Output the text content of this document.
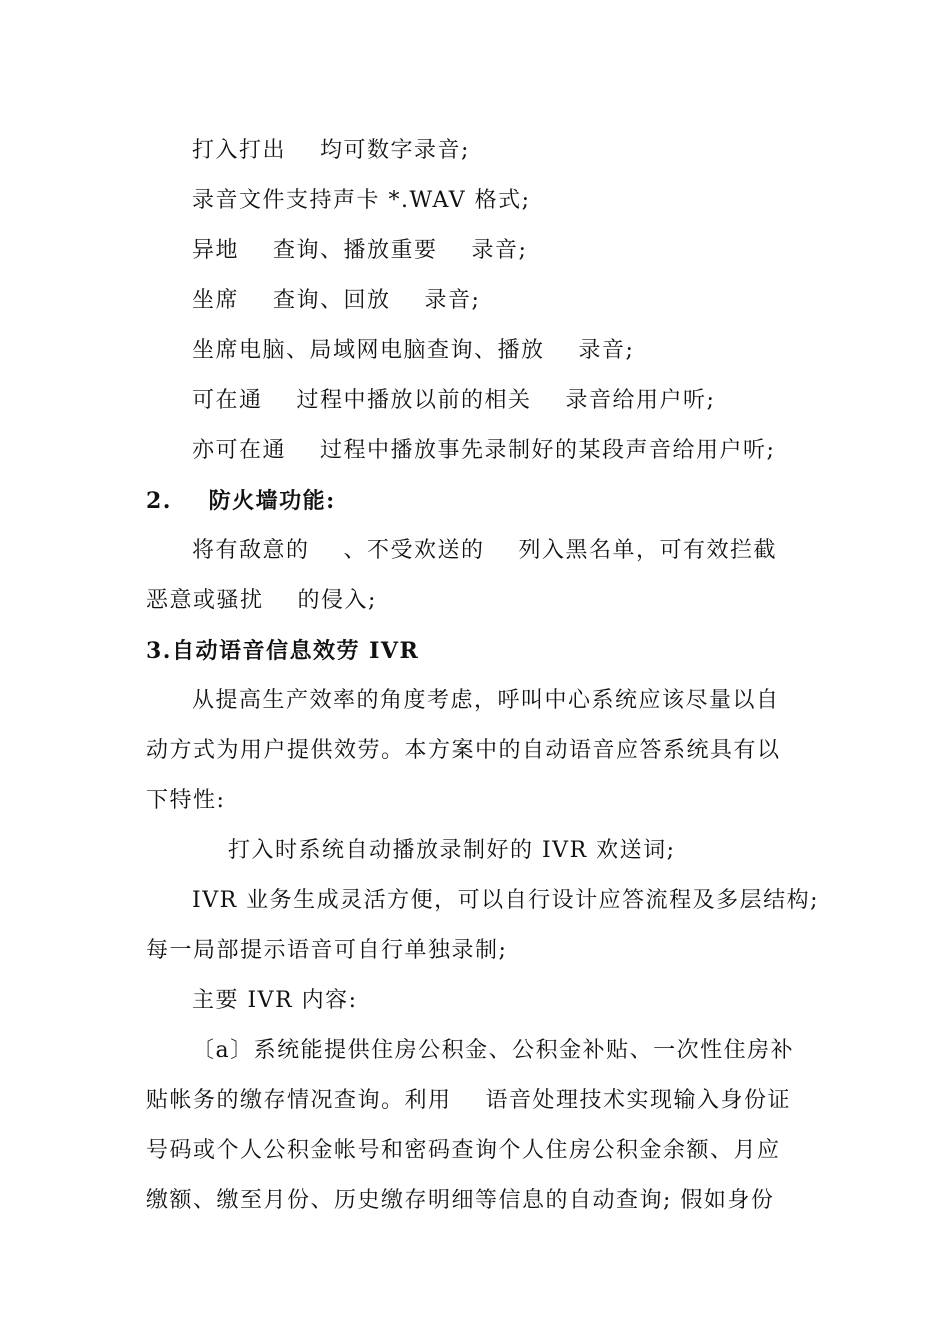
打入打出    均可数字录音;
录音文件支持声卡 *.WAV 格式;
异地    查询、播放重要    录音;
坐席    查询、回放    录音;
坐席电脑、局域网电脑查询、播放    录音;
可在通    过程中播放以前的相关    录音给用户听;
亦可在通    过程中播放事先录制好的某段声音给用户听;
2.    防火墙功能:
将有敌意的    、不受欢送的    列入黑名单，可有效拦截
恶意或骚扰    的侵入;
3.自动语音信息效劳 IVR
从提高生产效率的角度考虑，呼叫中心系统应该尽量以自
动方式为用户提供效劳。本方案中的自动语音应答系统具有以
下特性:
打入时系统自动播放录制好的 IVR 欢送词;
IVR 业务生成灵活方便，可以自行设计应答流程及多层结构;
每一局部提示语音可自行单独录制;
主要 IVR 内容:
〔a〕系统能提供住房公积金、公积金补贴、一次性住房补
贴帐务的缴存情况查询。利用    语音处理技术实现输入身份证
号码或个人公积金帐号和密码查询个人住房公积金余额、月应
缴额、缴至月份、历史缴存明细等信息的自动查询; 假如身份
